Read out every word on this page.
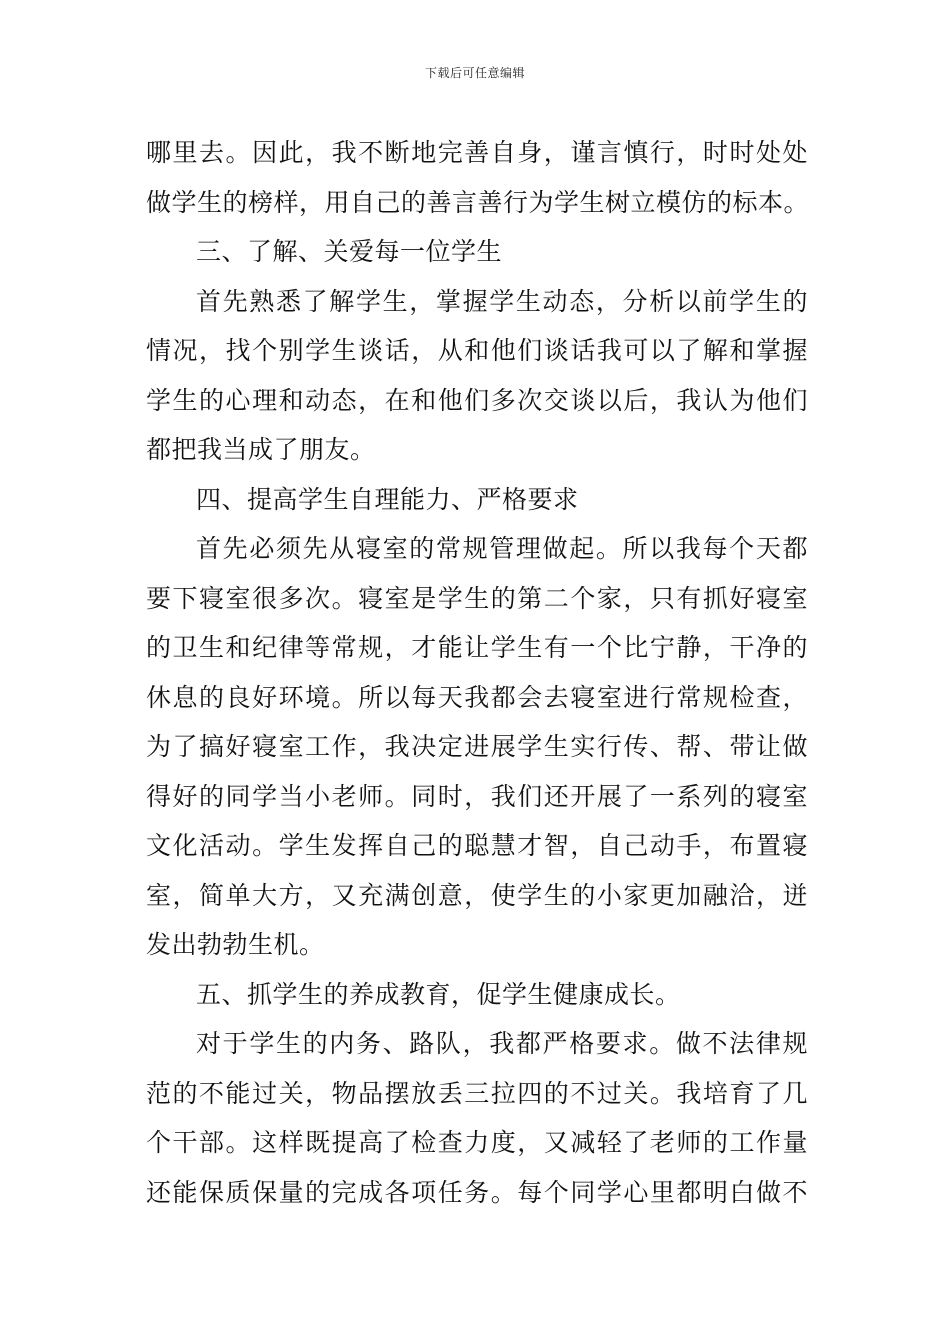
下载后可任意编辑
哪里去。因此，我不断地完善自身，谨言慎行，时时处处
做学生的榜样，用自己的善言善行为学生树立模仿的标本。
三、了解、关爱每一位学生
首先熟悉了解学生，掌握学生动态，分析以前学生的
情况，找个别学生谈话，从和他们谈话我可以了解和掌握
学生的心理和动态，在和他们多次交谈以后，我认为他们
都把我当成了朋友。
四、提高学生自理能力、严格要求
首先必须先从寝室的常规管理做起。所以我每个天都
要下寝室很多次。寝室是学生的第二个家，只有抓好寝室
的卫生和纪律等常规，才能让学生有一个比宁静，干净的
休息的良好环境。所以每天我都会去寝室进行常规检查，
为了搞好寝室工作，我决定进展学生实行传、帮、带让做
得好的同学当小老师。同时，我们还开展了一系列的寝室
文化活动。学生发挥自己的聪慧才智，自己动手，布置寝
室，简单大方，又充满创意，使学生的小家更加融洽，迸
发出勃勃生机。
五、抓学生的养成教育，促学生健康成长。
对于学生的内务、路队，我都严格要求。做不法律规
范的不能过关，物品摆放丢三拉四的不过关。我培育了几
个干部。这样既提高了检查力度，又减轻了老师的工作量
还能保质保量的完成各项任务。每个同学心里都明白做不
